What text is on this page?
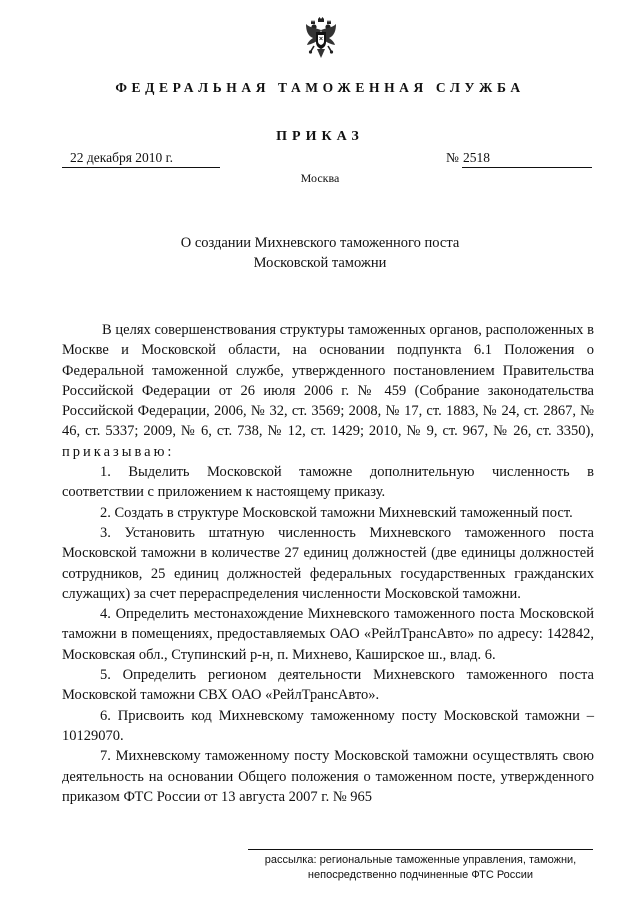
ФЕДЕРАЛЬНАЯ ТАМОЖЕННАЯ СЛУЖБА
ПРИКАЗ
22 декабря 2010 г.	№ 2518
Москва
О создании Михневского таможенного поста
Московской таможни

В целях совершенствования структуры таможенных органов, расположенных в Москве и Московской области, на основании подпункта 6.1 Положения о Федеральной таможенной службе, утвержденного постановлением Правительства Российской Федерации от 26 июля 2006 г. № 459 (Собрание законодательства Российской Федерации, 2006, № 32, ст. 3569; 2008, № 17, ст. 1883, № 24, ст. 2867, № 46, ст. 5337; 2009, № 6, ст. 738, № 12, ст. 1429; 2010, № 9, ст. 967, № 26, ст. 3350), приказываю:

1. Выделить Московской таможне дополнительную численность в соответствии с приложением к настоящему приказу.

2. Создать в структуре Московской таможни Михневский таможенный пост.

3. Установить штатную численность Михневского таможенного поста Московской таможни в количестве 27 единиц должностей (две единицы должностей сотрудников, 25 единиц должностей федеральных государственных гражданских служащих) за счет перераспределения численности Московской таможни.

4. Определить местонахождение Михневского таможенного поста Московской таможни в помещениях, предоставляемых ОАО «РейлТрансАвто» по адресу: 142842, Московская обл., Ступинский р-н, п. Михнево, Каширское ш., влад. 6.

5. Определить регионом деятельности Михневского таможенного поста Московской таможни СВХ ОАО «РейлТрансАвто».

6. Присвоить код Михневскому таможенному посту Московской таможни – 10129070.

7. Михневскому таможенному посту Московской таможни осуществлять свою деятельность на основании Общего положения о таможенном посте, утвержденного приказом ФТС России от 13 августа 2007 г. № 965

рассылка: региональные таможенные управления, таможни,
непосредственно подчиненные ФТС России
